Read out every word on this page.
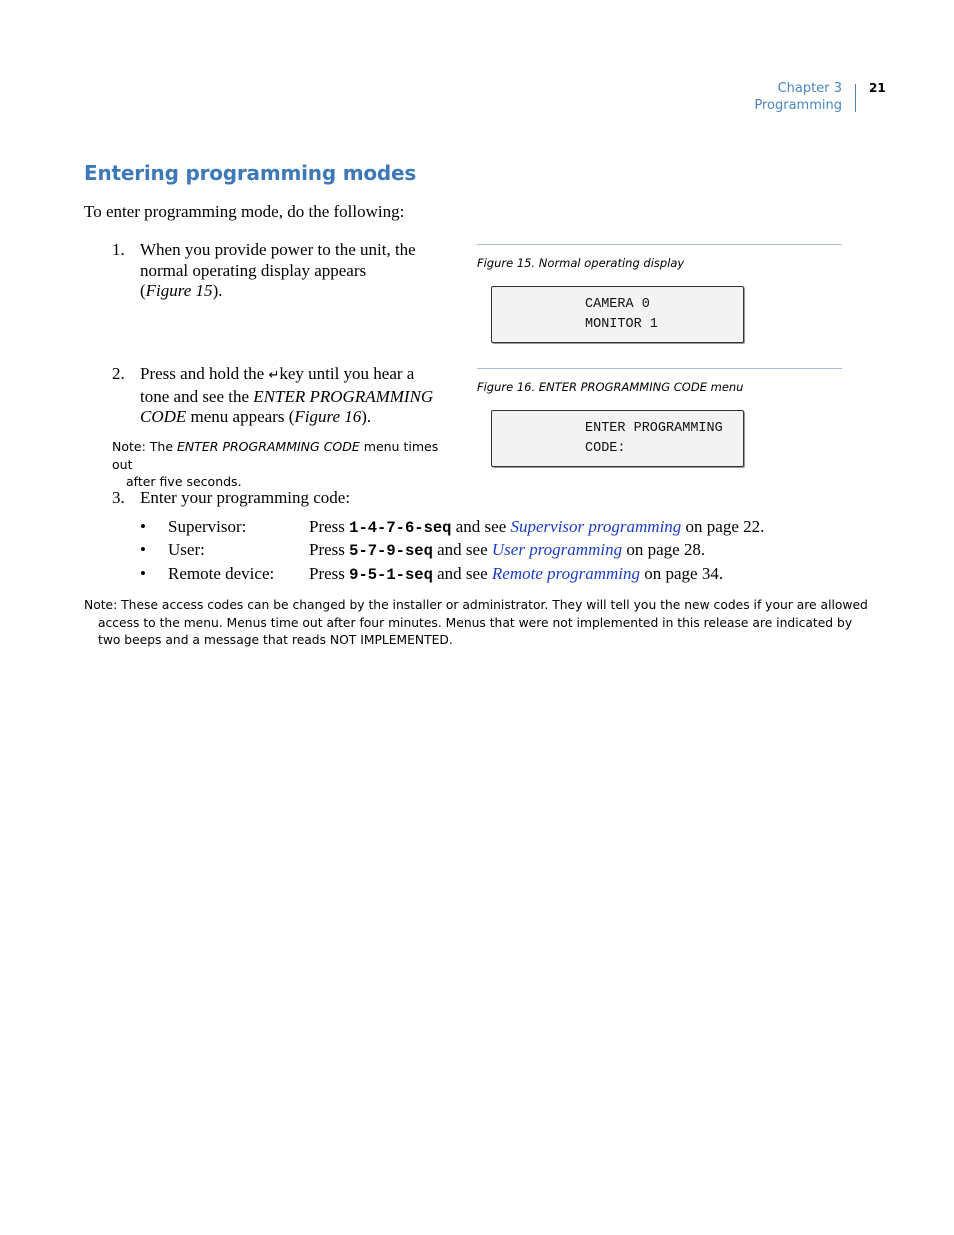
Chapter 3
Programming
21
Entering programming modes
To enter programming mode, do the following:
1. When you provide power to the unit, the
normal operating display appears
(Figure 15).
2. Press and hold the ↵key until you hear a
tone and see the ENTER PROGRAMMING
CODE menu appears (Figure 16).
Note: The ENTER PROGRAMMING CODE menu times out
after five seconds.
Figure 15. Normal operating display
CAMERA 0
MONITOR 1
Figure 16. ENTER PROGRAMMING CODE menu
ENTER PROGRAMMING
CODE:
3. Enter your programming code:
• Supervisor:	Press 1-4-7-6-seq and see Supervisor programming on page 22.
• User:	Press 5-7-9-seq and see User programming on page 28.
• Remote device: Press 9-5-1-seq and see Remote programming on page 34.
Note: These access codes can be changed by the installer or administrator. They will tell you the new codes if your are allowed
access to the menu. Menus time out after four minutes. Menus that were not implemented in this release are indicated by
two beeps and a message that reads NOT IMPLEMENTED.
